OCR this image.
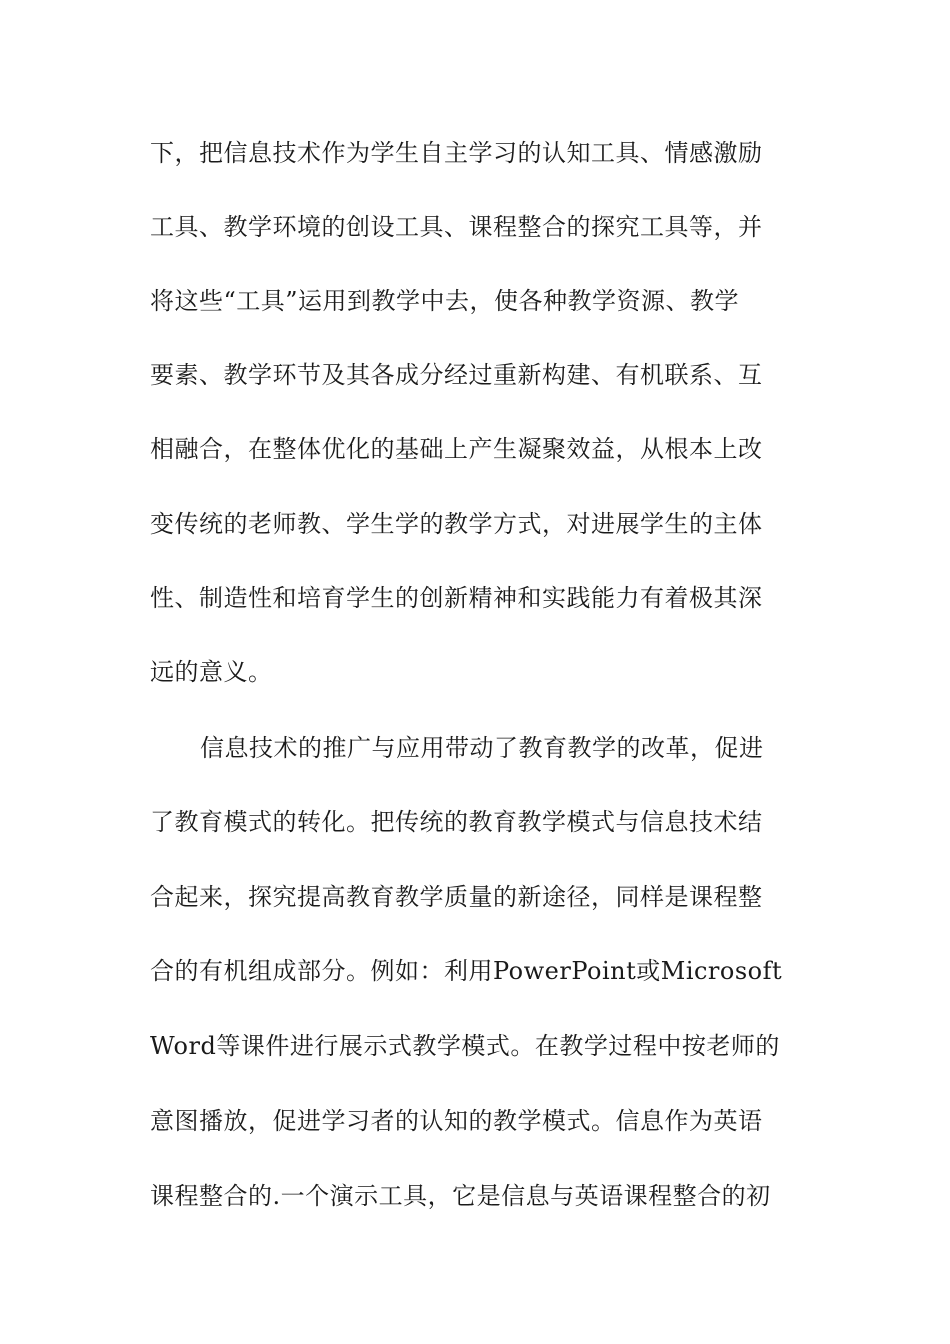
下，把信息技术作为学生自主学习的认知工具、情感激励
工具、教学环境的创设工具、课程整合的探究工具等，并
将这些“工具”运用到教学中去，使各种教学资源、教学
要素、教学环节及其各成分经过重新构建、有机联系、互
相融合，在整体优化的基础上产生凝聚效益，从根本上改
变传统的老师教、学生学的教学方式，对进展学生的主体
性、制造性和培育学生的创新精神和实践能力有着极其深
远的意义。
信息技术的推广与应用带动了教育教学的改革，促进
了教育模式的转化。把传统的教育教学模式与信息技术结
合起来，探究提高教育教学质量的新途径，同样是课程整
合的有机组成部分。例如：利用PowerPoint或Microsoft
Word等课件进行展示式教学模式。在教学过程中按老师的
意图播放，促进学习者的认知的教学模式。信息作为英语
课程整合的.一个演示工具，它是信息与英语课程整合的初
